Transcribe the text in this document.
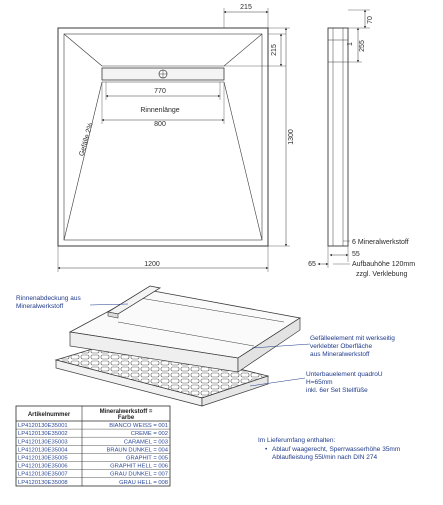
215
215
770
Rinnenlänge
800
Gefälle 2%	1300
1200
70
255
1
6 Mineralwerkstoff
55
65	Aufbauhöhe 120mm
zzgl. Verklebung
Rinnenabdeckung aus
Mineralwerkstoff
Gefälleelement mit werkseitig
verklebter Oberfläche
aus Mineralwerkstoff
Unterbauelement quadroU
H=65mm
inkl. 6er Set Stellfüße
Artikelnummer	Mineralwerkstoff =
Farbe
LP4120130E35001	BIANCO WEISS = 001
LP4120130E35002	CREME = 002
LP4120130E35003	CARAMEL = 003
LP4120130E35004	BRAUN DUNKEL = 004
LP4120130E35005	GRAPHIT = 005
LP4120130E35006	GRAPHIT HELL = 006
LP4120130E35007	GRAU DUNKEL = 007
LP4120130E35008	GRAU HELL = 008
Im Lieferumfang enthalten:
• Ablauf waagerecht, Sperrwasserhöhe 35mm
Ablaufleistung 55l/min nach DIN 274
